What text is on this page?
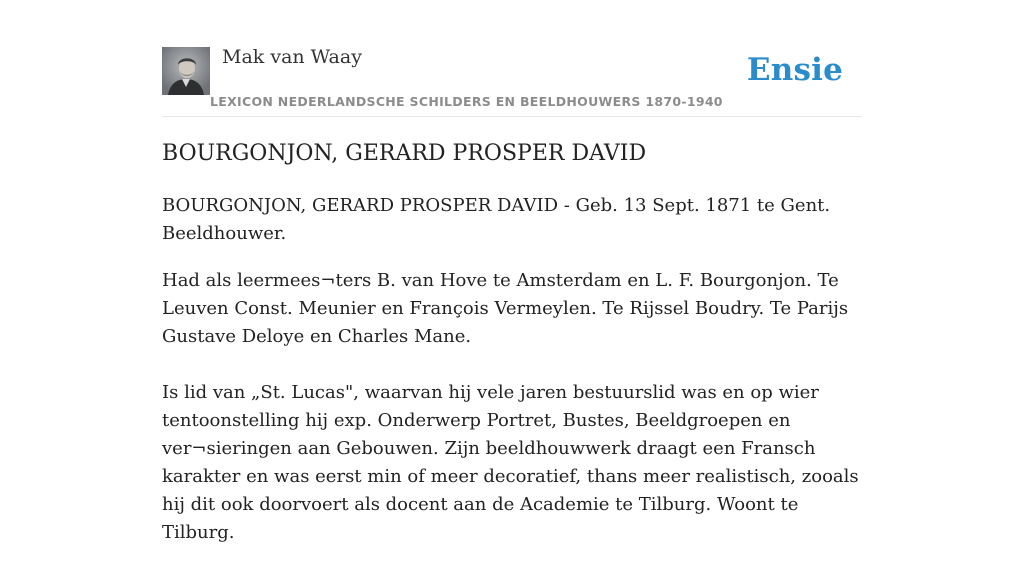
Mak van Waay	Ensie
LEXICON NEDERLANDSCHE SCHILDERS EN BEELDHOUWERS 1870-1940
BOURGONJON, GERARD PROSPER DAVID

BOURGONJON, GERARD PROSPER DAVID - Geb. 13 Sept. 1871 te Gent. Beeldhouwer.

Had als leermees¬ters B. van Hove te Amsterdam en L. F. Bourgonjon. Te Leuven Const. Meunier en François Vermeylen. Te Rijssel Boudry. Te Parijs Gustave Deloye en Charles Mane.

Is lid van „St. Lucas", waarvan hij vele jaren bestuurslid was en op wier tentoonstelling hij exp. Onderwerp Portret, Bustes, Beeldgroepen en ver¬sieringen aan Gebouwen. Zijn beeldhouwwerk draagt een Fransch karakter en was eerst min of meer decoratief, thans meer realistisch, zooals hij dit ook doorvoert als docent aan de Academie te Tilburg. Woont te Tilburg.
